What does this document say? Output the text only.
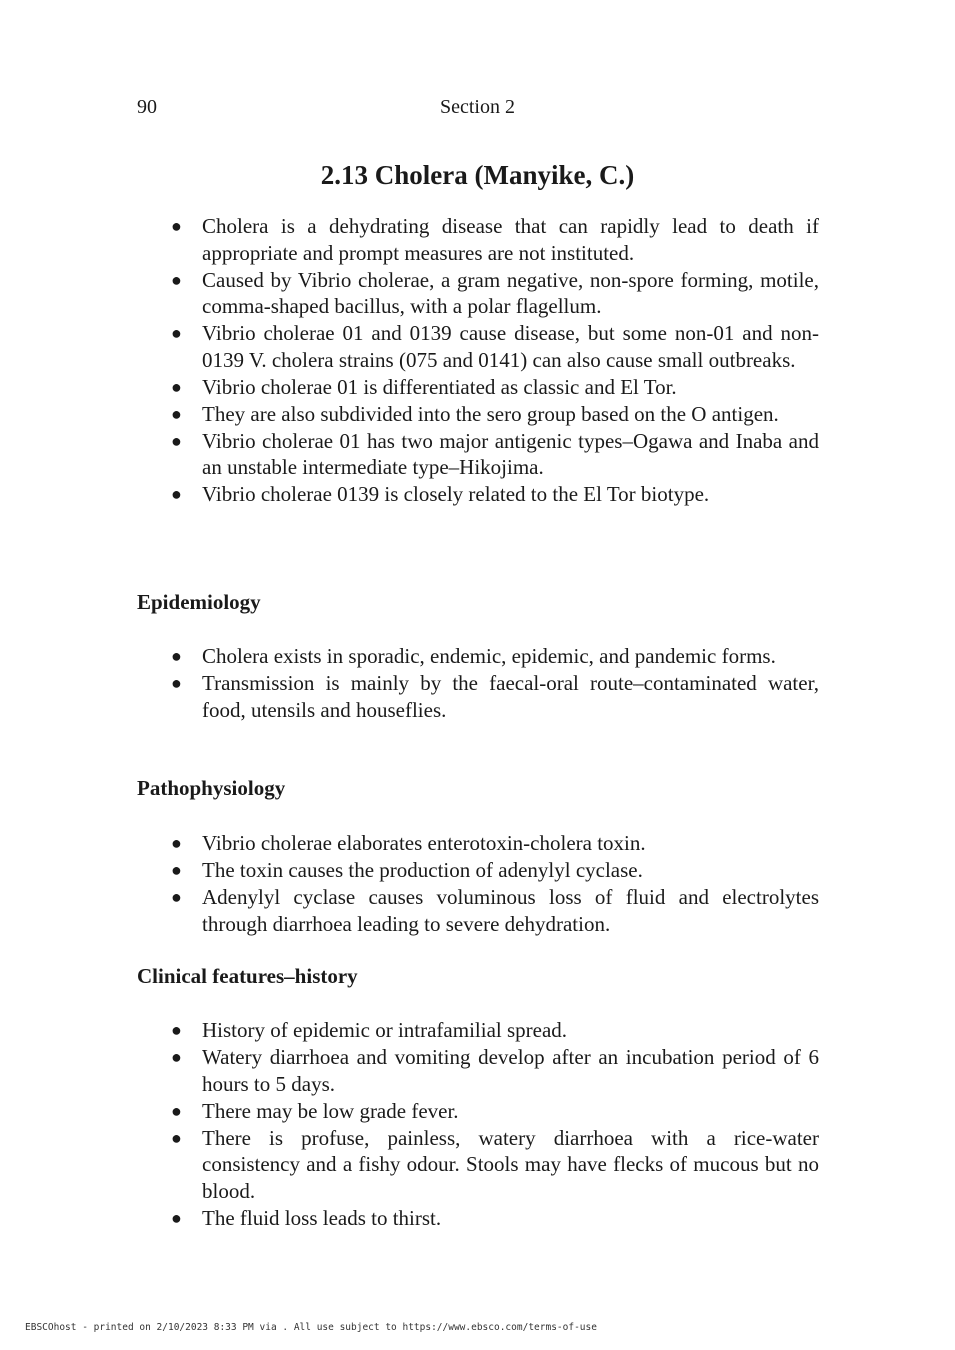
90	Section 2
2.13 Cholera (Manyike, C.)
● Cholera is a dehydrating disease that can rapidly lead to death if appropriate and prompt measures are not instituted.
● Caused by Vibrio cholerae, a gram negative, non-spore forming, motile, comma-shaped bacillus, with a polar flagellum.
● Vibrio cholerae 01 and 0139 cause disease, but some non-01 and non-0139 V. cholera strains (075 and 0141) can also cause small outbreaks.
● Vibrio cholerae 01 is differentiated as classic and El Tor.
● They are also subdivided into the sero group based on the O antigen.
● Vibrio cholerae 01 has two major antigenic types–Ogawa and Inaba and an unstable intermediate type–Hikojima.
● Vibrio cholerae 0139 is closely related to the El Tor biotype.
Epidemiology
● Cholera exists in sporadic, endemic, epidemic, and pandemic forms.
● Transmission is mainly by the faecal-oral route–contaminated water, food, utensils and houseflies.
Pathophysiology
● Vibrio cholerae elaborates enterotoxin-cholera toxin.
● The toxin causes the production of adenylyl cyclase.
● Adenylyl cyclase causes voluminous loss of fluid and electrolytes through diarrhoea leading to severe dehydration.
Clinical features–history
● History of epidemic or intrafamilial spread.
● Watery diarrhoea and vomiting develop after an incubation period of 6 hours to 5 days.
● There may be low grade fever.
● There is profuse, painless, watery diarrhoea with a rice-water consistency and a fishy odour. Stools may have flecks of mucous but no blood.
● The fluid loss leads to thirst.
EBSCOhost - printed on 2/10/2023 8:33 PM via . All use subject to https://www.ebsco.com/terms-of-use
